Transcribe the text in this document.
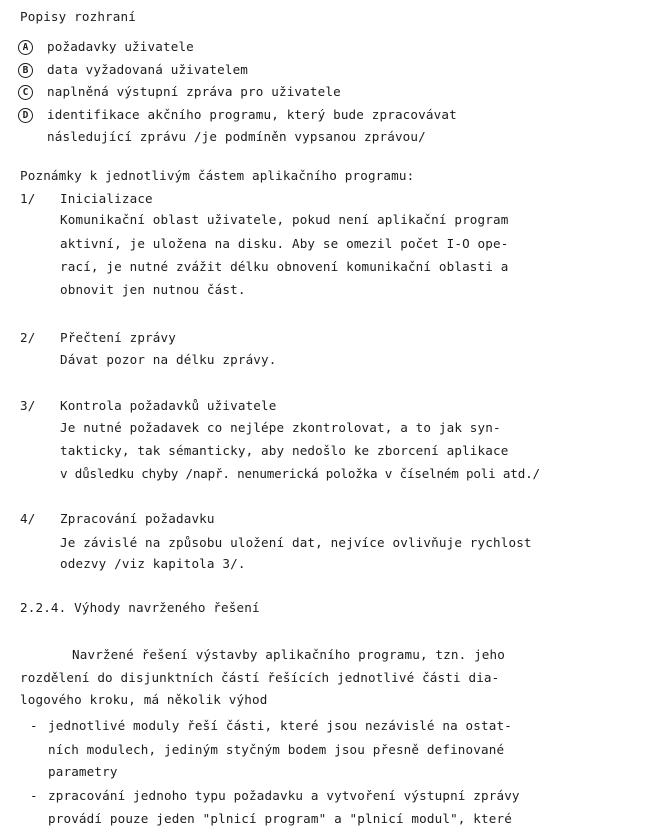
Popisy rozhraní
A	požadavky uživatele
B	data vyžadovaná uživatelem
C	naplněná výstupní zpráva pro uživatele
D	identifikace akčního programu, který bude zpracovávat
následující zprávu /je podmíněn vypsanou zprávou/
Poznámky k jednotlivým částem aplikačního programu:
1/ Inicializace
Komunikační oblast uživatele, pokud není aplikační program
aktivní, je uložena na disku. Aby se omezil počet I-O ope-
rací, je nutné zvážit délku obnovení komunikační oblasti a
obnovit jen nutnou část.
2/ Přečtení zprávy
Dávat pozor na délku zprávy.
3/ Kontrola požadavků uživatele
Je nutné požadavek co nejlépe zkontrolovat, a to jak syn-
takticky, tak sémanticky, aby nedošlo ke zborcení aplikace
v důsledku chyby /např. nenumerická položka v číselném poli atd./
4/ Zpracování požadavku
Je závislé na způsobu uložení dat, nejvíce ovlivňuje rychlost
odezvy /viz kapitola 3/.
2.2.4. Výhody navrženého řešení
Navržené řešení výstavby aplikačního programu, tzn. jeho
rozdělení do disjunktních částí řešících jednotlivé části dia-
logového kroku, má několik výhod
- jednotlivé moduly řeší části, které jsou nezávislé na ostat-
ních modulech, jediným styčným bodem jsou přesně definované
parametry
- zpracování jednoho typu požadavku a vytvoření výstupní zprávy
provádí pouze jeden "plnicí program" a "plnicí modul", které
